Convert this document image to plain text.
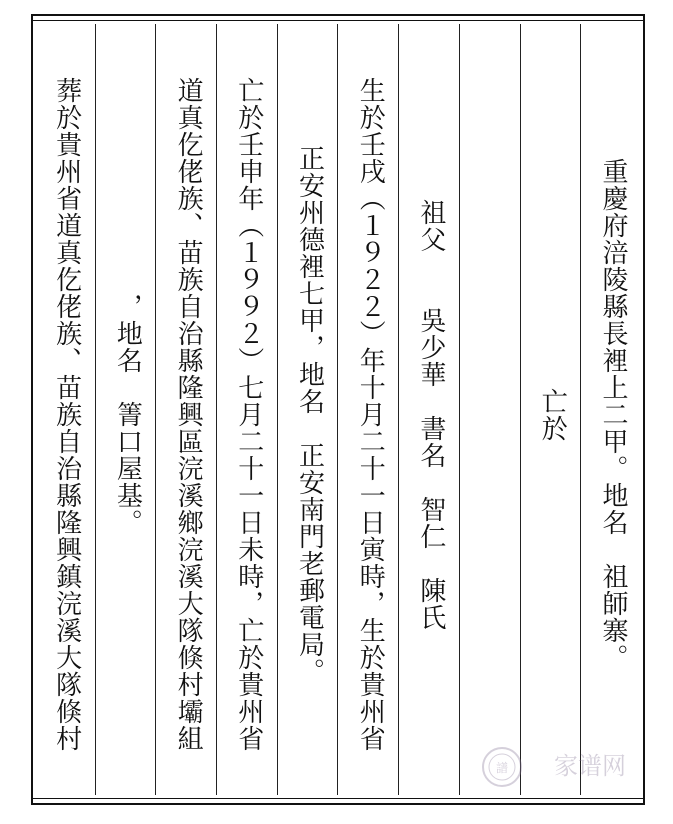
重慶府涪陵縣長裡上二甲。地名　祖師寨。
亡於
祖父　　吳少華　書名　智仁　陳氏
生於壬戌（１９２２）年十月二十一日寅時，生於貴州省
正安州德裡七甲，地名　正安南門老郵電局。
亡於壬申年（１９９２）七月二十一日未時，亡於貴州省
道真仡佬族、苗族自治縣隆興區浣溪鄉浣溪大隊倏村壩組
，地名　箐口屋基。
葬於貴州省道真仡佬族、苗族自治縣隆興鎮浣溪大隊倏村
譜 家谱网
